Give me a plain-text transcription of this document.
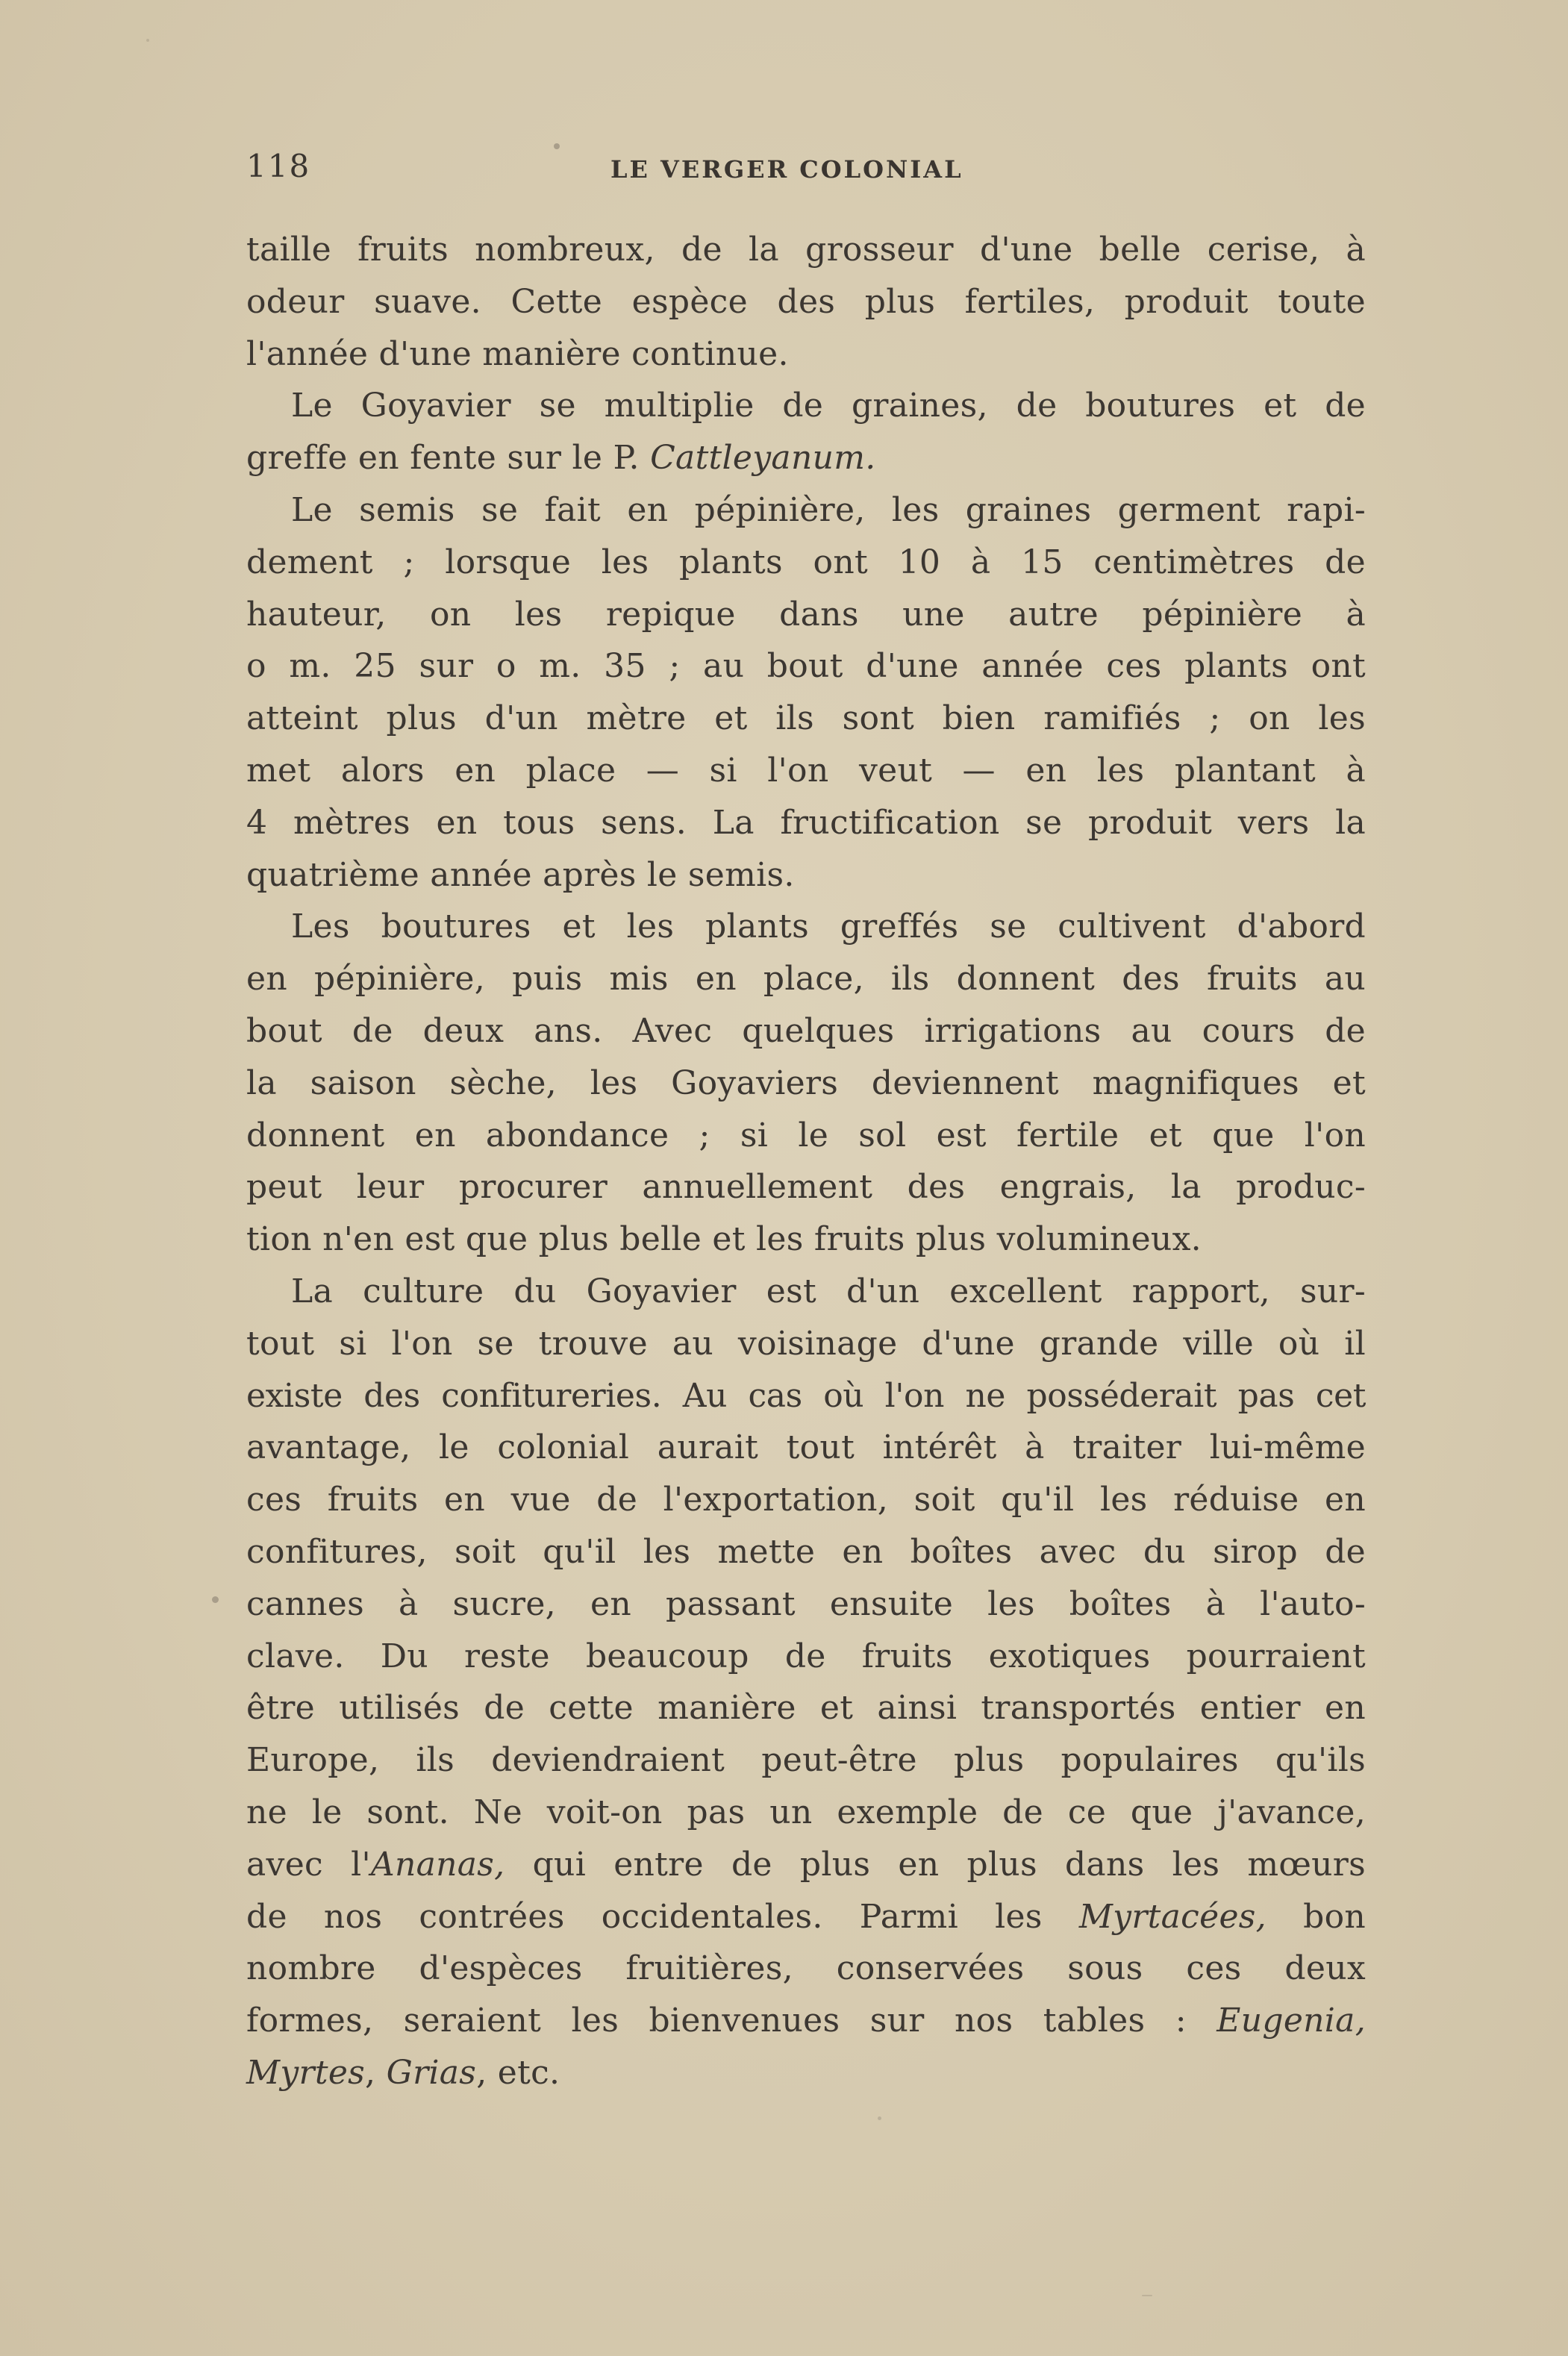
118	LE VERGER COLONIAL
taille fruits nombreux, de la grosseur d'une belle cerise, à
odeur suave. Cette espèce des plus fertiles, produit toute
l'année d'une manière continue.
Le Goyavier se multiplie de graines, de boutures et de
greffe en fente sur le P. Cattleyanum.
Le semis se fait en pépinière, les graines germent rapi-
dement ; lorsque les plants ont 10 à 15 centimètres de
hauteur, on les repique dans une autre pépinière à
o m. 25 sur o m. 35 ; au bout d'une année ces plants ont
atteint plus d'un mètre et ils sont bien ramifiés ; on les
met alors en place — si l'on veut — en les plantant à
4 mètres en tous sens. La fructification se produit vers la
quatrième année après le semis.
Les boutures et les plants greffés se cultivent d'abord
en pépinière, puis mis en place, ils donnent des fruits au
bout de deux ans. Avec quelques irrigations au cours de
la saison sèche, les Goyaviers deviennent magnifiques et
donnent en abondance ; si le sol est fertile et que l'on
peut leur procurer annuellement des engrais, la produc-
tion n'en est que plus belle et les fruits plus volumineux.
La culture du Goyavier est d'un excellent rapport, sur-
tout si l'on se trouve au voisinage d'une grande ville où il
existe des confitureries. Au cas où l'on ne posséderait pas cet
avantage, le colonial aurait tout intérêt à traiter lui-même
ces fruits en vue de l'exportation, soit qu'il les réduise en
confitures, soit qu'il les mette en boîtes avec du sirop de
cannes à sucre, en passant ensuite les boîtes à l'auto-
clave. Du reste beaucoup de fruits exotiques pourraient
être utilisés de cette manière et ainsi transportés entier en
Europe, ils deviendraient peut-être plus populaires qu'ils
ne le sont. Ne voit-on pas un exemple de ce que j'avance,
avec l'Ananas, qui entre de plus en plus dans les mœurs
de nos contrées occidentales. Parmi les Myrtacées, bon
nombre d'espèces fruitières, conservées sous ces deux
formes, seraient les bienvenues sur nos tables : Eugenia,
Myrtes, Grias, etc.
